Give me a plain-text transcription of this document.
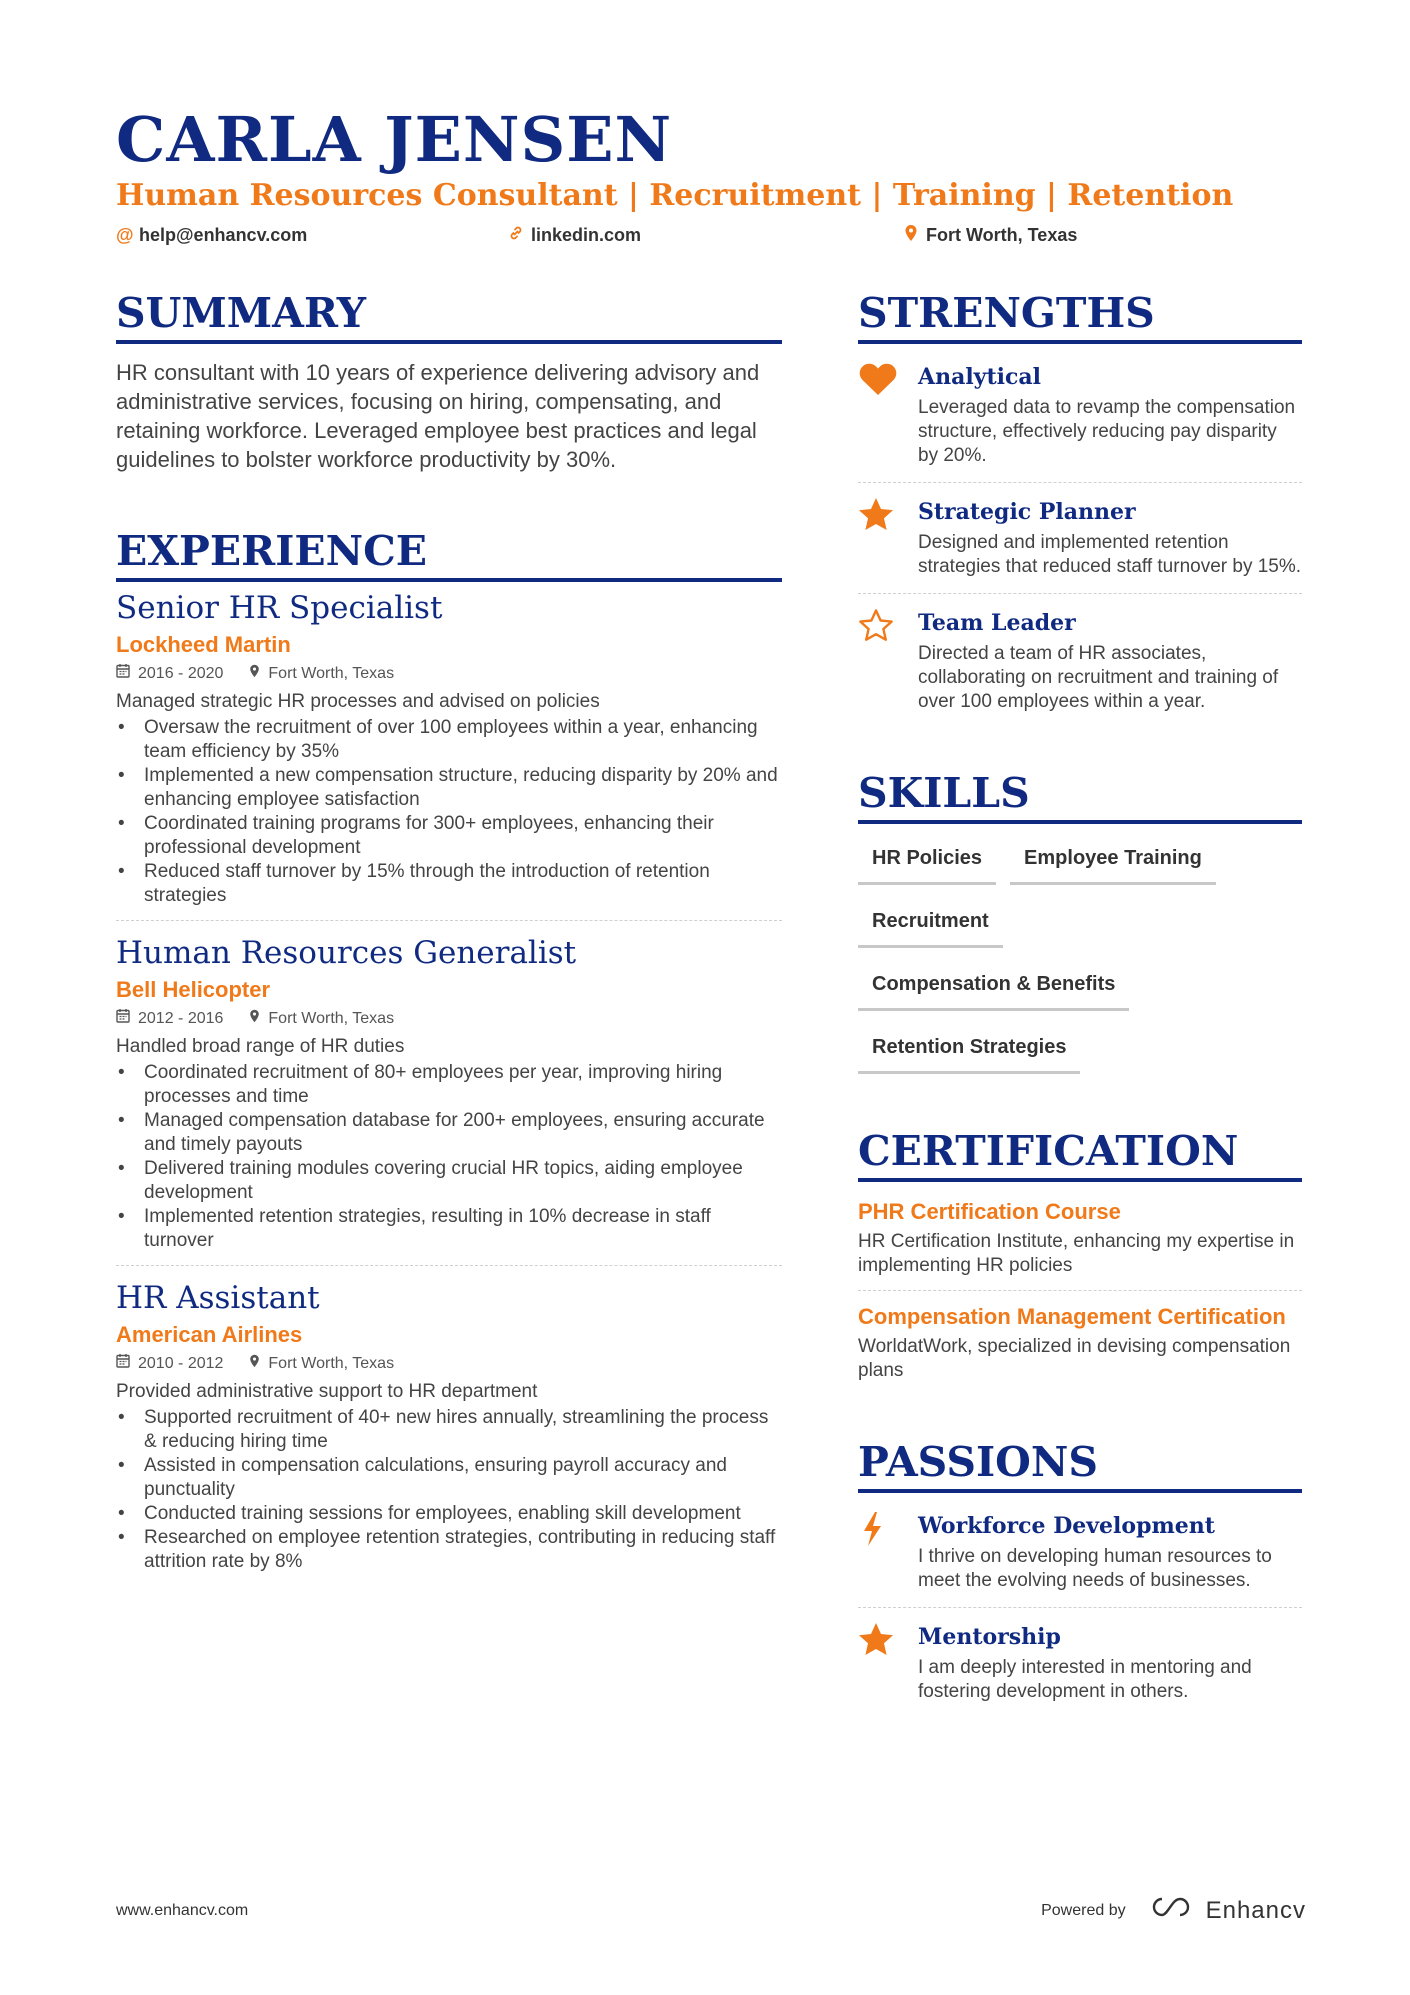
CARLA JENSEN
Human Resources Consultant | Recruitment | Training | Retention
@ help@enhancv.com	linkedin.com	Fort Worth, Texas
SUMMARY
HR consultant with 10 years of experience delivering advisory and administrative services, focusing on hiring, compensating, and retaining workforce. Leveraged employee best practices and legal guidelines to bolster workforce productivity by 30%.
EXPERIENCE
Senior HR Specialist
Lockheed Martin
2016 - 2020	Fort Worth, Texas
Managed strategic HR processes and advised on policies
• Oversaw the recruitment of over 100 employees within a year, enhancing team efficiency by 35%
• Implemented a new compensation structure, reducing disparity by 20% and enhancing employee satisfaction
• Coordinated training programs for 300+ employees, enhancing their professional development
• Reduced staff turnover by 15% through the introduction of retention strategies
Human Resources Generalist
Bell Helicopter
2012 - 2016	Fort Worth, Texas
Handled broad range of HR duties
• Coordinated recruitment of 80+ employees per year, improving hiring processes and time
• Managed compensation database for 200+ employees, ensuring accurate and timely payouts
• Delivered training modules covering crucial HR topics, aiding employee development
• Implemented retention strategies, resulting in 10% decrease in staff turnover
HR Assistant
American Airlines
2010 - 2012	Fort Worth, Texas
Provided administrative support to HR department
• Supported recruitment of 40+ new hires annually, streamlining the process & reducing hiring time
• Assisted in compensation calculations, ensuring payroll accuracy and punctuality
• Conducted training sessions for employees, enabling skill development
• Researched on employee retention strategies, contributing in reducing staff attrition rate by 8%
STRENGTHS
Analytical
Leveraged data to revamp the compensation structure, effectively reducing pay disparity by 20%.
Strategic Planner
Designed and implemented retention strategies that reduced staff turnover by 15%.
Team Leader
Directed a team of HR associates, collaborating on recruitment and training of over 100 employees within a year.
SKILLS
HR Policies	Employee Training
Recruitment
Compensation & Benefits
Retention Strategies
CERTIFICATION
PHR Certification Course
HR Certification Institute, enhancing my expertise in implementing HR policies
Compensation Management Certification
WorldatWork, specialized in devising compensation plans
PASSIONS
Workforce Development
I thrive on developing human resources to meet the evolving needs of businesses.
Mentorship
I am deeply interested in mentoring and fostering development in others.
www.enhancv.com	Powered by	Enhancv
